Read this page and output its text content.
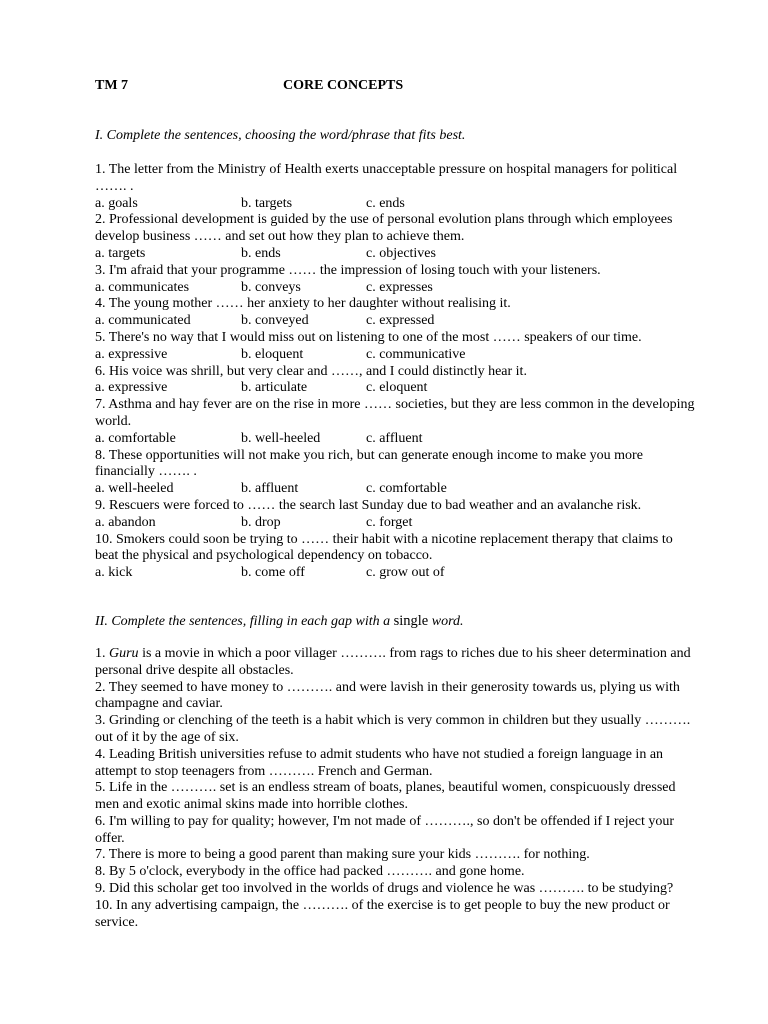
TM 7	CORE CONCEPTS
I. Complete the sentences, choosing the word/phrase that fits best.

1. The letter from the Ministry of Health exerts unacceptable pressure on hospital managers for political ……. .

a. goals	b. targets	c. ends

2. Professional development is guided by the use of personal evolution plans through which employees develop business …… and set out how they plan to achieve them.

a. targets	b. ends	c. objectives

3. I'm afraid that your programme …… the impression of losing touch with your listeners.

a. communicates	b. conveys	c. expresses

4. The young mother …… her anxiety to her daughter without realising it.

a. communicated	b. conveyed	c. expressed

5. There's no way that I would miss out on listening to one of the most …… speakers of our time.

a. expressive	b. eloquent	c. communicative

6. His voice was shrill, but very clear and ……, and I could distinctly hear it.

a. expressive	b. articulate	c. eloquent

7. Asthma and hay fever are on the rise in more …… societies, but they are less common in the developing world.

a. comfortable	b. well-heeled	c. affluent

8. These opportunities will not make you rich, but can generate enough income to make you more financially ……. .

a. well-heeled	b. affluent	c. comfortable

9. Rescuers were forced to …… the search last Sunday due to bad weather and an avalanche risk.

a. abandon	b. drop	c. forget

10. Smokers could soon be trying to …… their habit with a nicotine replacement therapy that claims to beat the physical and psychological dependency on tobacco.

a. kick	b. come off	c. grow out of
II. Complete the sentences, filling in each gap with a single word.

1. Guru is a movie in which a poor villager ………. from rags to riches due to his sheer determination and personal drive despite all obstacles.

2. They seemed to have money to ………. and were lavish in their generosity towards us, plying us with champagne and caviar.

3. Grinding or clenching of the teeth is a habit which is very common in children but they usually ………. out of it by the age of six.

4. Leading British universities refuse to admit students who have not studied a foreign language in an attempt to stop teenagers from ………. French and German.

5. Life in the ………. set is an endless stream of boats, planes, beautiful women, conspicuously dressed men and exotic animal skins made into horrible clothes.

6. I'm willing to pay for quality; however, I'm not made of ………., so don't be offended if I reject your offer.

7. There is more to being a good parent than making sure your kids ………. for nothing.

8. By 5 o'clock, everybody in the office had packed ………. and gone home.

9. Did this scholar get too involved in the worlds of drugs and violence he was ………. to be studying?

10. In any advertising campaign, the ………. of the exercise is to get people to buy the new product or service.
